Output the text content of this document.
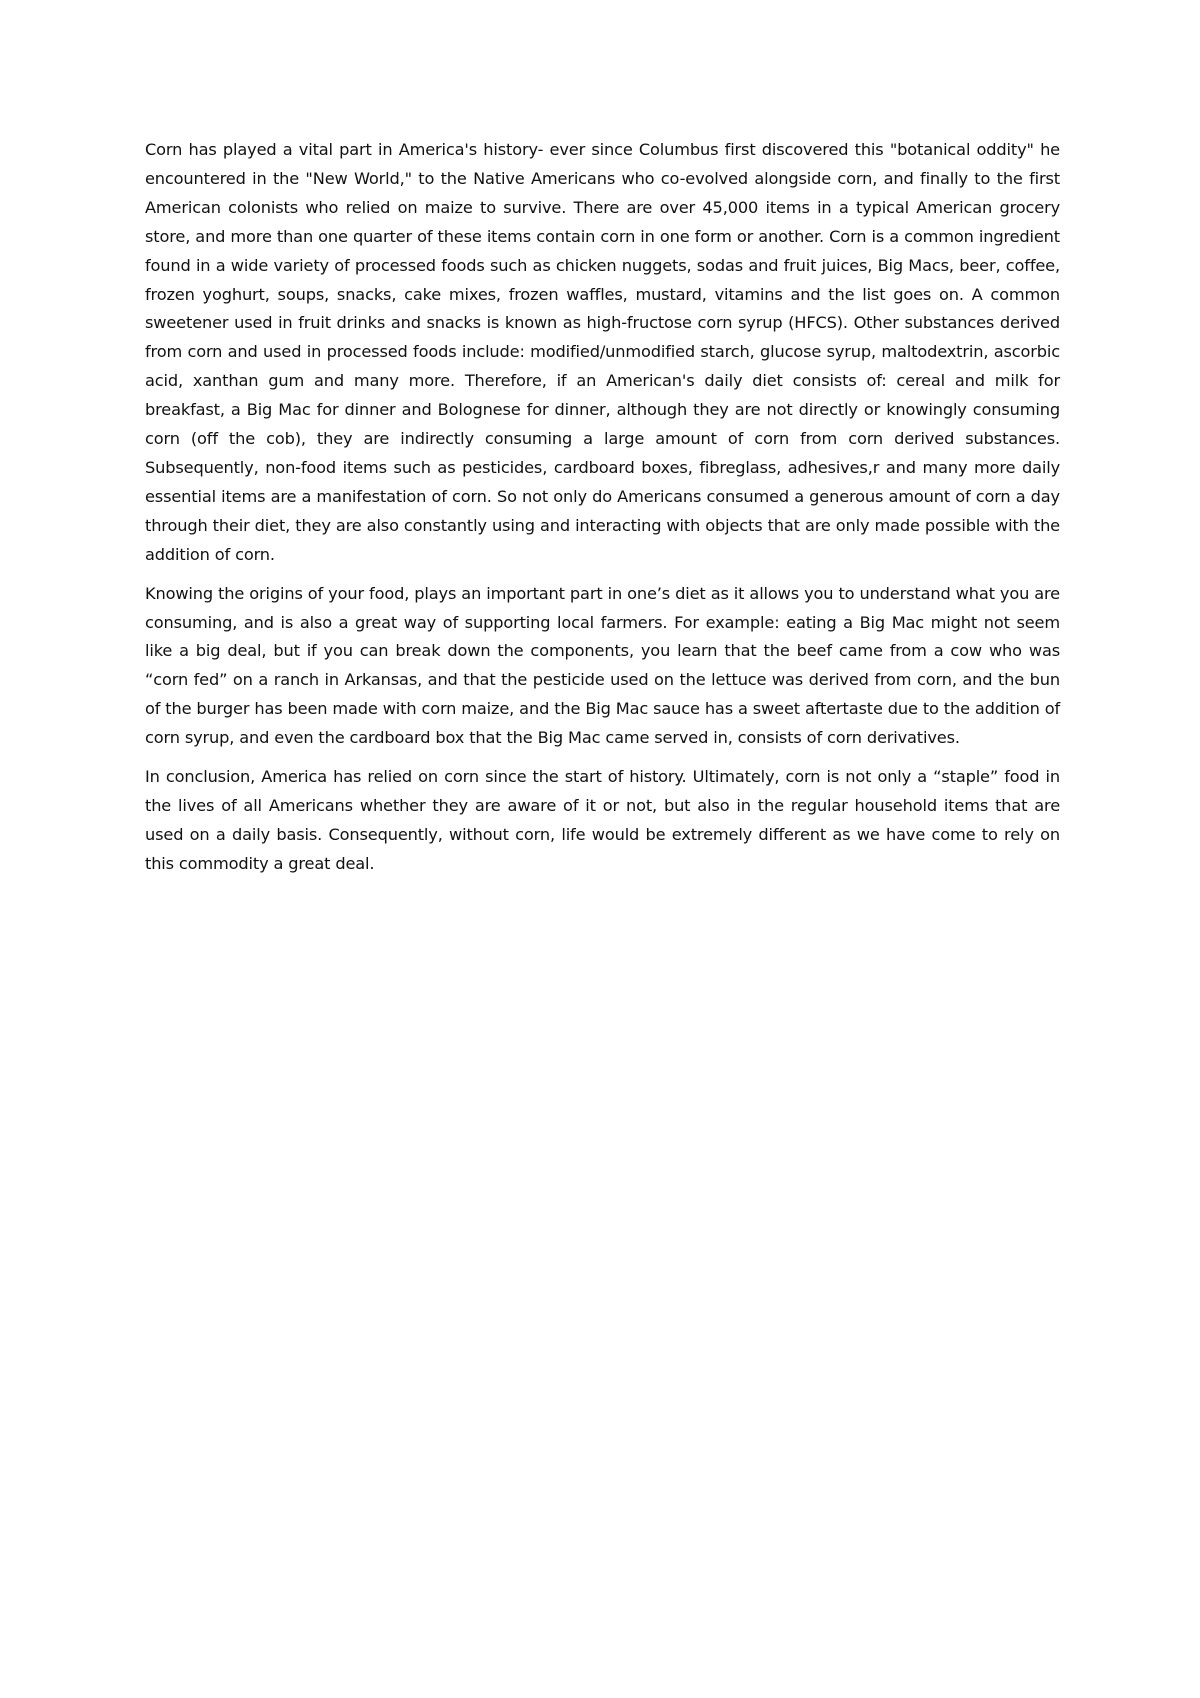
Corn has played a vital part in America's history- ever since Columbus first discovered this "botanical oddity" he encountered in the "New World," to the Native Americans who co-evolved alongside corn, and finally to the first American colonists who relied on maize to survive. There are over 45,000 items in a typical American grocery store, and more than one quarter of these items contain corn in one form or another. Corn is a common ingredient found in a wide variety of processed foods such as chicken nuggets, sodas and fruit juices, Big Macs, beer, coffee, frozen yoghurt, soups, snacks, cake mixes, frozen waffles, mustard, vitamins and the list goes on. A common sweetener used in fruit drinks and snacks is known as high-fructose corn syrup (HFCS). Other substances derived from corn and used in processed foods include: modified/unmodified starch, glucose syrup, maltodextrin, ascorbic acid, xanthan gum and many more. Therefore, if an American's daily diet consists of: cereal and milk for breakfast, a Big Mac for dinner and Bolognese for dinner, although they are not directly or knowingly consuming corn (off the cob), they are indirectly consuming a large amount of corn from corn derived substances. Subsequently, non-food items such as pesticides, cardboard boxes, fibreglass, adhesives,r and many more daily essential items are a manifestation of corn. So not only do Americans consumed a generous amount of corn a day through their diet, they are also constantly using and interacting with objects that are only made possible with the addition of corn.

Knowing the origins of your food, plays an important part in one’s diet as it allows you to understand what you are consuming, and is also a great way of supporting local farmers. For example: eating a Big Mac might not seem like a big deal, but if you can break down the components, you learn that the beef came from a cow who was “corn fed” on a ranch in Arkansas, and that the pesticide used on the lettuce was derived from corn, and the bun of the burger has been made with corn maize, and the Big Mac sauce has a sweet aftertaste due to the addition of corn syrup, and even the cardboard box that the Big Mac came served in, consists of corn derivatives.

In conclusion, America has relied on corn since the start of history. Ultimately, corn is not only a “staple” food in the lives of all Americans whether they are aware of it or not, but also in the regular household items that are used on a daily basis. Consequently, without corn, life would be extremely different as we have come to rely on this commodity a great deal.
